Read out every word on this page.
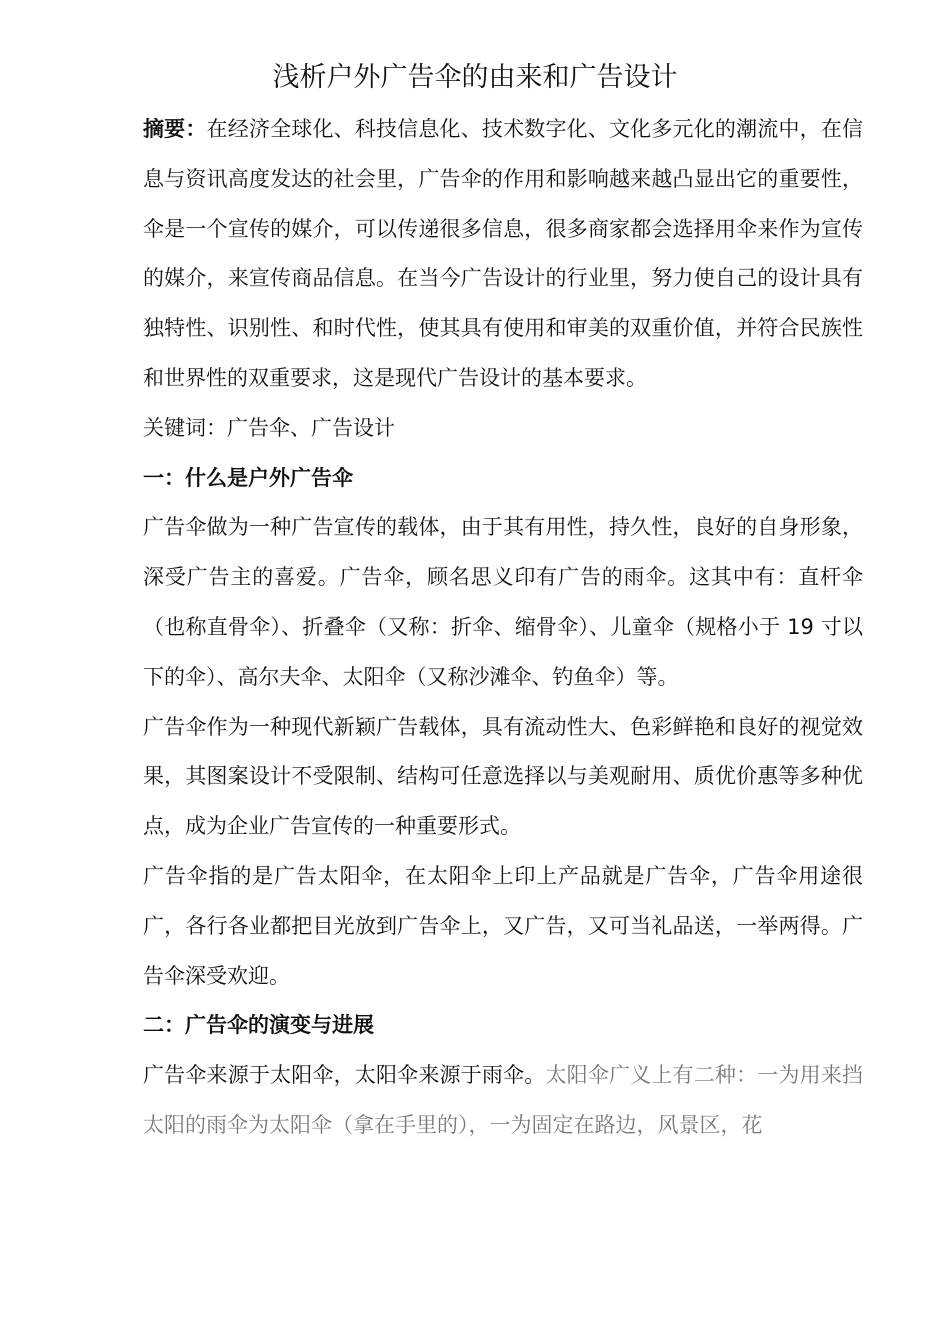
浅析户外广告伞的由来和广告设计

摘要：在经济全球化、科技信息化、技术数字化、文化多元化的潮流中，在信息与资讯高度发达的社会里，广告伞的作用和影响越来越凸显出它的重要性，伞是一个宣传的媒介，可以传递很多信息，很多商家都会选择用伞来作为宣传的媒介，来宣传商品信息。在当今广告设计的行业里，努力使自己的设计具有独特性、识别性、和时代性，使其具有使用和审美的双重价值，并符合民族性和世界性的双重要求，这是现代广告设计的基本要求。

关键词：广告伞、广告设计

一：什么是户外广告伞

广告伞做为一种广告宣传的载体，由于其有用性，持久性，良好的自身形象，深受广告主的喜爱。广告伞，顾名思义印有广告的雨伞。这其中有：直杆伞（也称直骨伞）、折叠伞（又称：折伞、缩骨伞）、儿童伞（规格小于 19 寸以下的伞）、高尔夫伞、太阳伞（又称沙滩伞、钓鱼伞）等。

广告伞作为一种现代新颖广告载体，具有流动性大、色彩鲜艳和良好的视觉效果，其图案设计不受限制、结构可任意选择以与美观耐用、质优价惠等多种优点，成为企业广告宣传的一种重要形式。

广告伞指的是广告太阳伞，在太阳伞上印上产品就是广告伞，广告伞用途很广，各行各业都把目光放到广告伞上，又广告，又可当礼品送，一举两得。广告伞深受欢迎。

二：广告伞的演变与进展

广告伞来源于太阳伞，太阳伞来源于雨伞。太阳伞广义上有二种：一为用来挡太阳的雨伞为太阳伞（拿在手里的），一为固定在路边，风景区，花
